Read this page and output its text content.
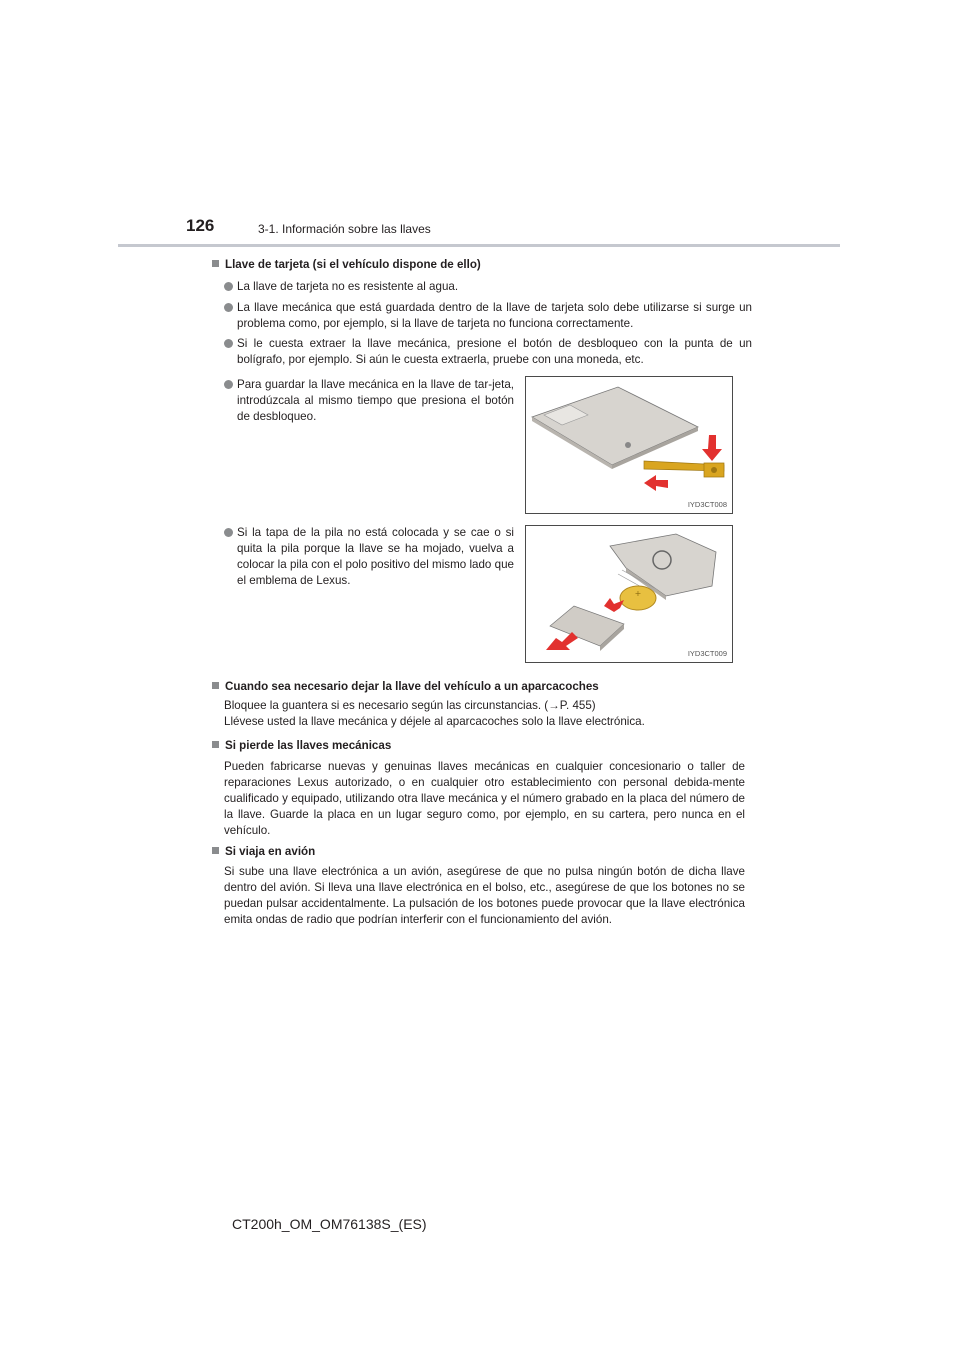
126	3-1. Información sobre las llaves
Llave de tarjeta (si el vehículo dispone de ello)
La llave de tarjeta no es resistente al agua.
La llave mecánica que está guardada dentro de la llave de tarjeta solo debe utilizarse si surge un problema como, por ejemplo, si la llave de tarjeta no funciona correctamente.
Si le cuesta extraer la llave mecánica, presione el botón de desbloqueo con la punta de un bolígrafo, por ejemplo. Si aún le cuesta extraerla, pruebe con una moneda, etc.
Para guardar la llave mecánica en la llave de tar-jeta, introdúzcala al mismo tiempo que presiona el botón de desbloqueo.
Si la tapa de la pila no está colocada y se cae o si quita la pila porque la llave se ha mojado, vuelva a colocar la pila con el polo positivo del mismo lado que el emblema de Lexus.
IYD3CT008
+
IYD3CT009
Cuando sea necesario dejar la llave del vehículo a un aparcacoches

Bloquee la guantera si es necesario según las circunstancias. (→P. 455)

Llévese usted la llave mecánica y déjele al aparcacoches solo la llave electrónica.

Si pierde las llaves mecánicas

Pueden fabricarse nuevas y genuinas llaves mecánicas en cualquier concesionario o taller de reparaciones Lexus autorizado, o en cualquier otro establecimiento con personal debida-mente cualificado y equipado, utilizando otra llave mecánica y el número grabado en la placa del número de la llave. Guarde la placa en un lugar seguro como, por ejemplo, en su cartera, pero nunca en el vehículo.

Si viaja en avión

Si sube una llave electrónica a un avión, asegúrese de que no pulsa ningún botón de dicha llave dentro del avión. Si lleva una llave electrónica en el bolso, etc., asegúrese de que los botones no se puedan pulsar accidentalmente. La pulsación de los botones puede provocar que la llave electrónica emita ondas de radio que podrían interferir con el funcionamiento del avión.

CT200h_OM_OM76138S_(ES)
